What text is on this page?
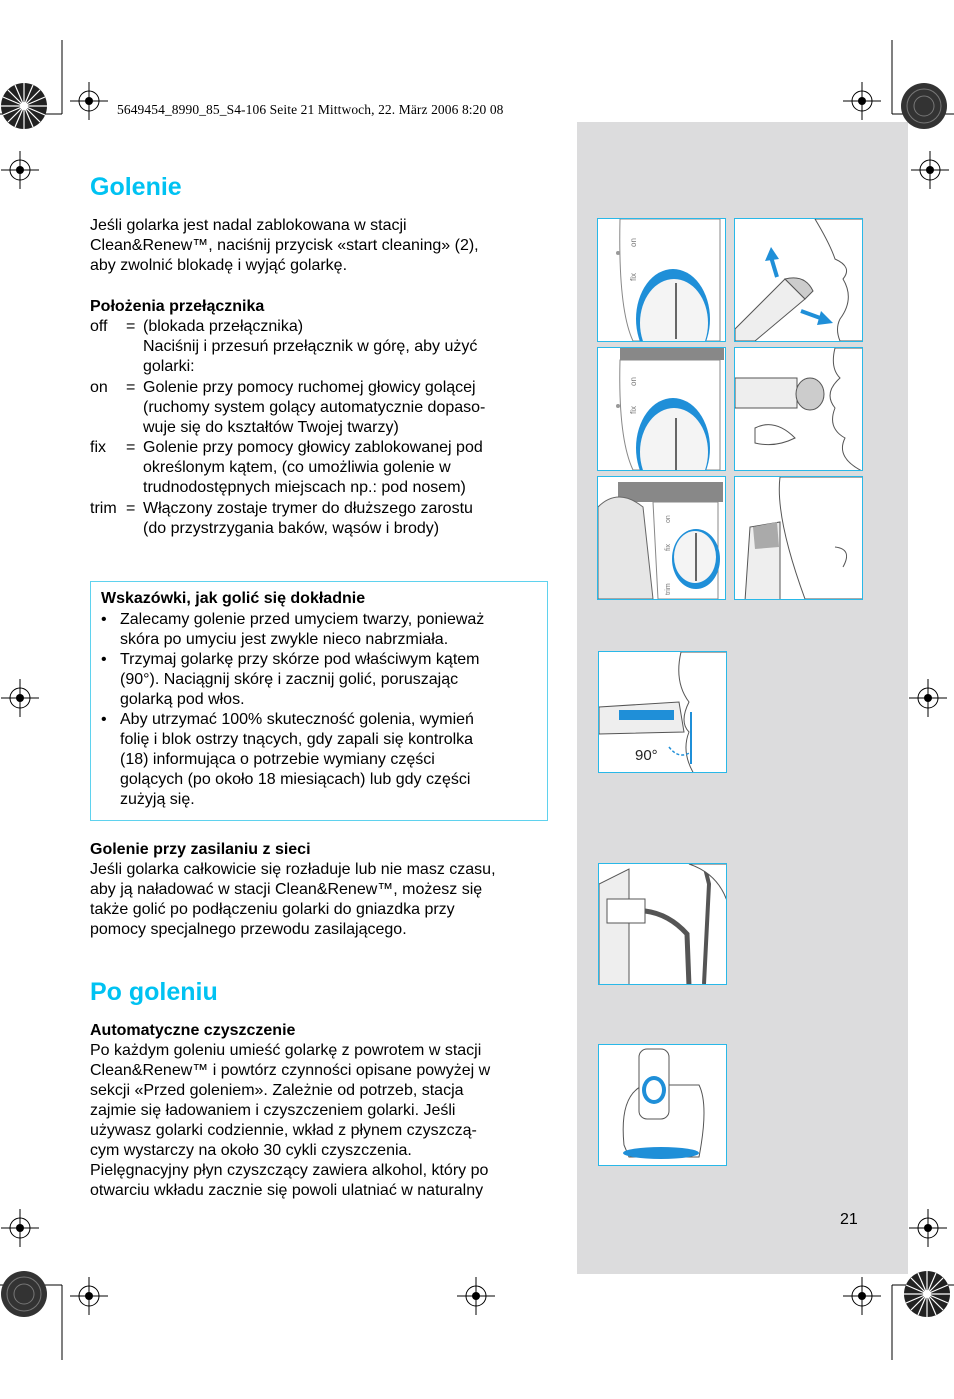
5649454_8990_85_S4-106 Seite 21 Mittwoch, 22. März 2006 8:20 08
Golenie
Jeśli golarka jest nadal zablokowana w stacji
Clean&Renew™, naciśnij przycisk «start cleaning» (2),
aby zwolnić blokadę i wyjąć golarkę.
Położenia przełącznika
off = (blokada przełącznika)
Naciśnij i przesuń przełącznik w górę, aby użyć
golarki:
on = Golenie przy pomocy ruchomej głowicy golącej
(ruchomy system golący automatycznie dopaso-
wuje się do kształtów Twojej twarzy)
fix = Golenie przy pomocy głowicy zablokowanej pod
określonym kątem, (co umożliwia golenie w
trudnodostępnych miejscach np.: pod nosem)
trim = Włączony zostaje trymer do dłuższego zarostu
(do przystrzygania baków, wąsów i brody)
Wskazówki, jak golić się dokładnie
• Zalecamy golenie przed umyciem twarzy, ponieważ
skóra po umyciu jest zwykle nieco nabrzmiała.
• Trzymaj golarkę przy skórze pod właściwym kątem
(90°). Naciągnij skórę i zacznij golić, poruszając
golarką pod włos.
• Aby utrzymać 100% skuteczność golenia, wymień
folię i blok ostrzy tnących, gdy zapali się kontrolka
(18) informująca o potrzebie wymiany części
golących (po około 18 miesiącach) lub gdy części
zużyją się.
Golenie przy zasilaniu z sieci
Jeśli golarka całkowicie się rozładuje lub nie masz czasu,
aby ją naładować w stacji Clean&Renew™, możesz się
także golić po podłączeniu golarki do gniazdka przy
pomocy specjalnego przewodu zasilającego.
Po goleniu
Automatyczne czyszczenie
Po każdym goleniu umieść golarkę z powrotem w stacji
Clean&Renew™ i powtórz czynności opisane powyżej w
sekcji «Przed goleniem». Zależnie od potrzeb, stacja
zajmie się ładowaniem i czyszczeniem golarki. Jeśli
używasz golarki codziennie, wkład z płynem czyszczą-
cym wystarczy na około 30 cykli czyszczenia.
Pielęgnacyjny płyn czyszczący zawiera alkohol, który po
otwarciu wkładu zacznie się powoli ulatniać w naturalny
on
fix
on
fix
on
fix
trim
90°
21
